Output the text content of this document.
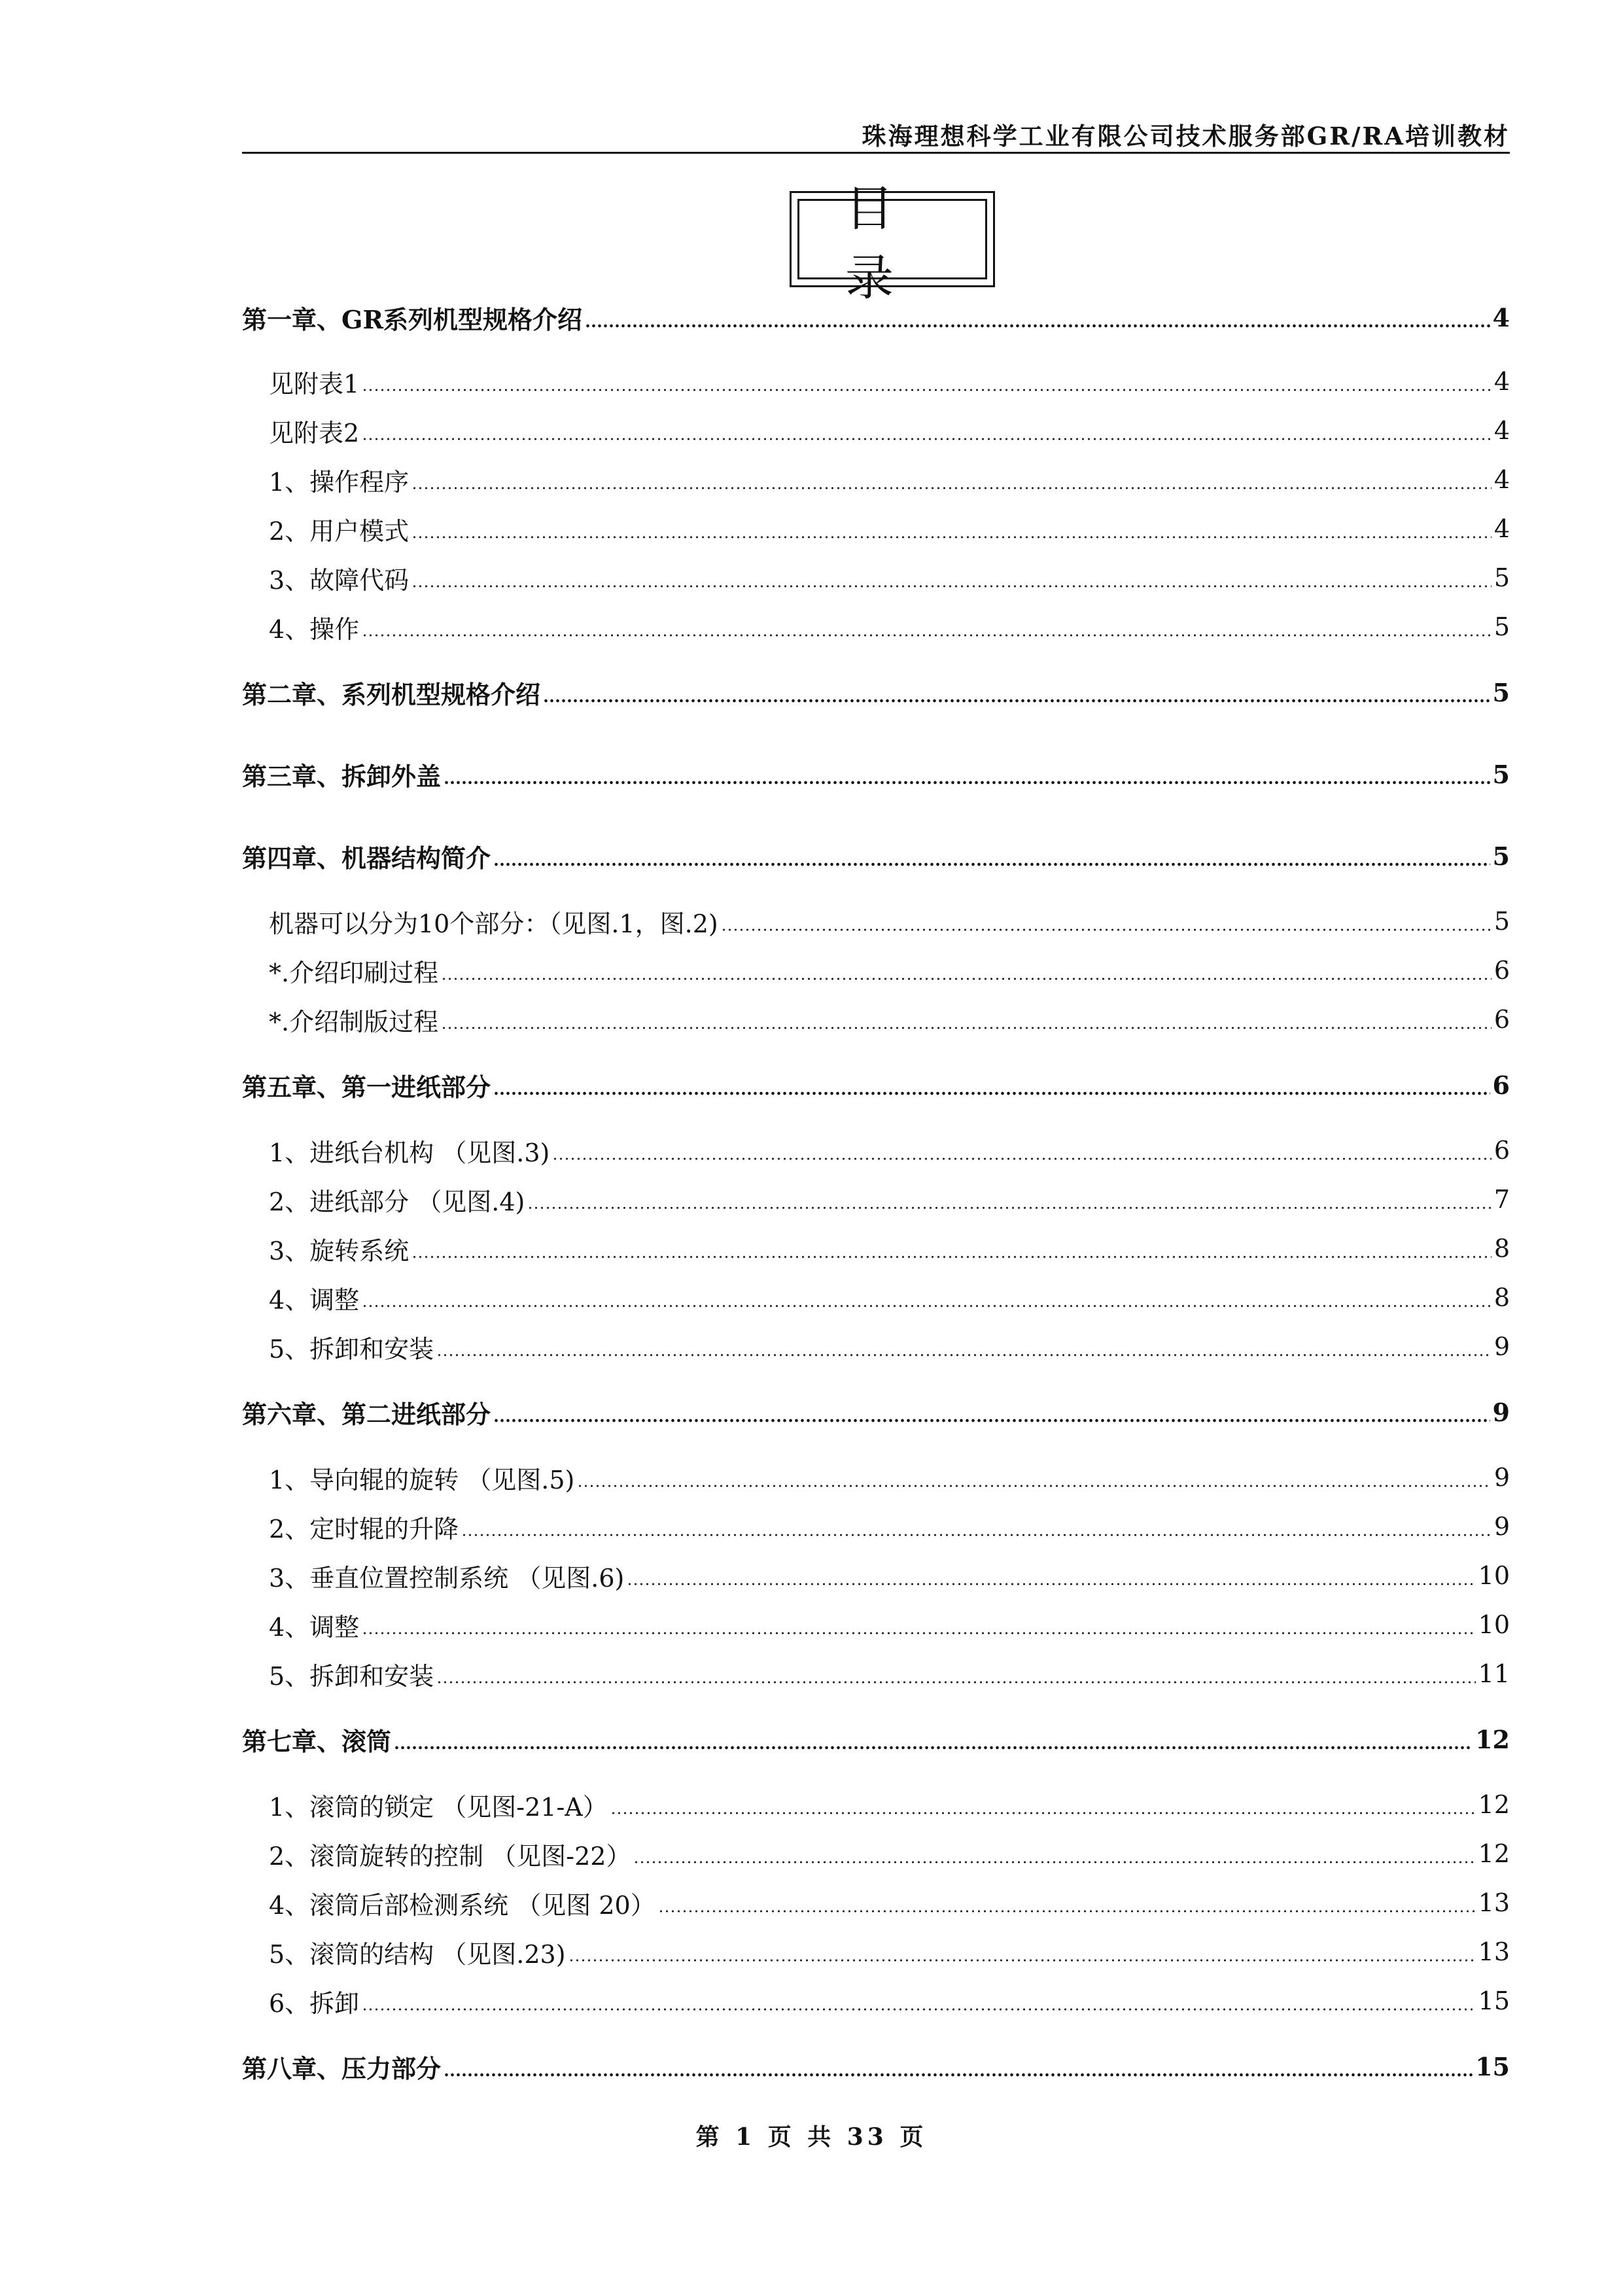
珠海理想科学工业有限公司技术服务部GR/RA培训教材
目 录
第一章、GR系列机型规格介绍	4
见附表1	4
见附表2	4
1、操作程序	4
2、用户模式	4
3、故障代码	5
4、操作	5
第二章、系列机型规格介绍	5
第三章、拆卸外盖	5
第四章、机器结构简介	5
机器可以分为10个部分：（见图.1，图.2)	5
*.介绍印刷过程	6
*.介绍制版过程	6
第五章、第一进纸部分	6
1、进纸台机构 （见图.3)	6
2、进纸部分 （见图.4)	7
3、旋转系统	8
4、调整	8
5、拆卸和安装	9
第六章、第二进纸部分	9
1、导向辊的旋转 （见图.5)	9
2、定时辊的升降	9
3、垂直位置控制系统 （见图.6)	10
4、调整	10
5、拆卸和安装	11
第七章、滚筒	12
1、滚筒的锁定 （见图-21-A）	12
2、滚筒旋转的控制 （见图-22）	12
4、滚筒后部检测系统 （见图 20）	13
5、滚筒的结构 （见图.23)	13
6、拆卸	15
第八章、压力部分	15
第 1 页 共 33 页
